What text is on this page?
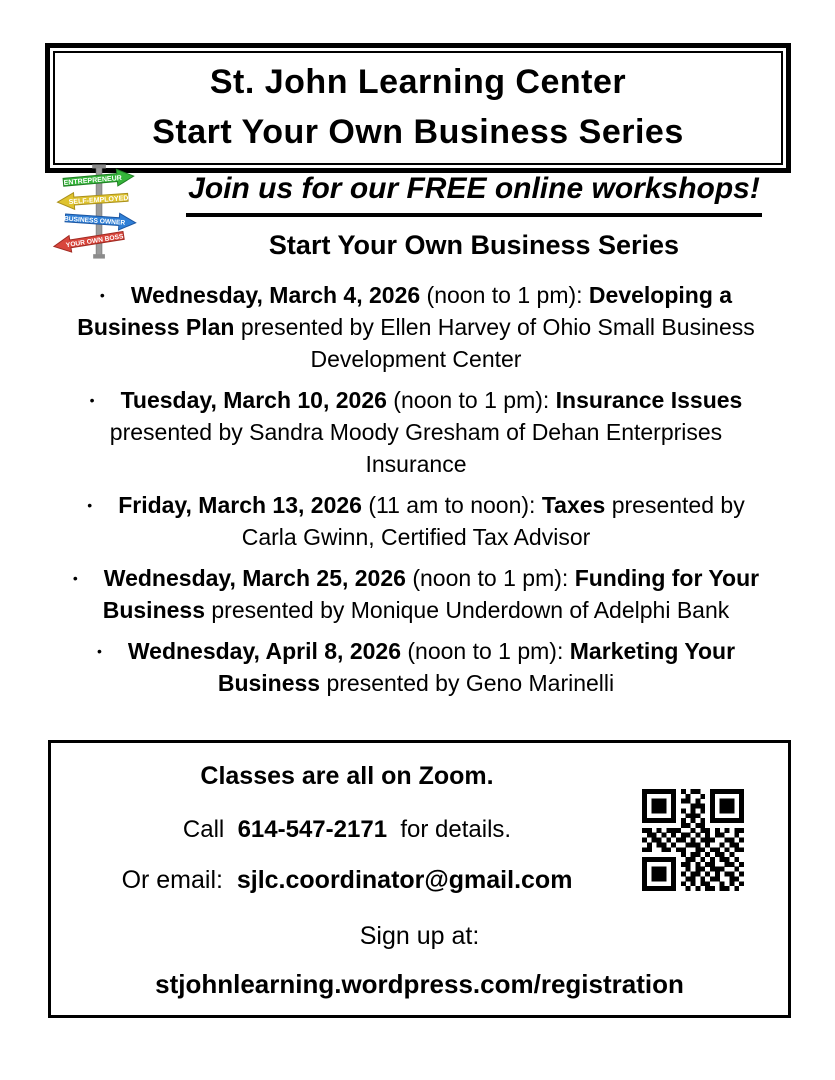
St. John Learning Center
Start Your Own Business Series
ENTREPRENEUR
SELF-EMPLOYED
BUSINESS OWNER
YOUR OWN BOSS
Join us for our FREE online workshops!
Start Your Own Business Series
• Wednesday, March 4, 2026 (noon to 1 pm): Developing a Business Plan presented by Ellen Harvey of Ohio Small Business Development Center
• Tuesday, March 10, 2026 (noon to 1 pm): Insurance Issues presented by Sandra Moody Gresham of Dehan Enterprises Insurance
• Friday, March 13, 2026 (11 am to noon): Taxes presented by Carla Gwinn, Certified Tax Advisor
• Wednesday, March 25, 2026 (noon to 1 pm): Funding for Your Business presented by Monique Underdown of Adelphi Bank
• Wednesday, April 8, 2026 (noon to 1 pm): Marketing Your Business presented by Geno Marinelli
Classes are all on Zoom.
Call  614-547-2171  for details.
Or email:  sjlc.coordinator@gmail.com
Sign up at:
stjohnlearning.wordpress.com/registration
